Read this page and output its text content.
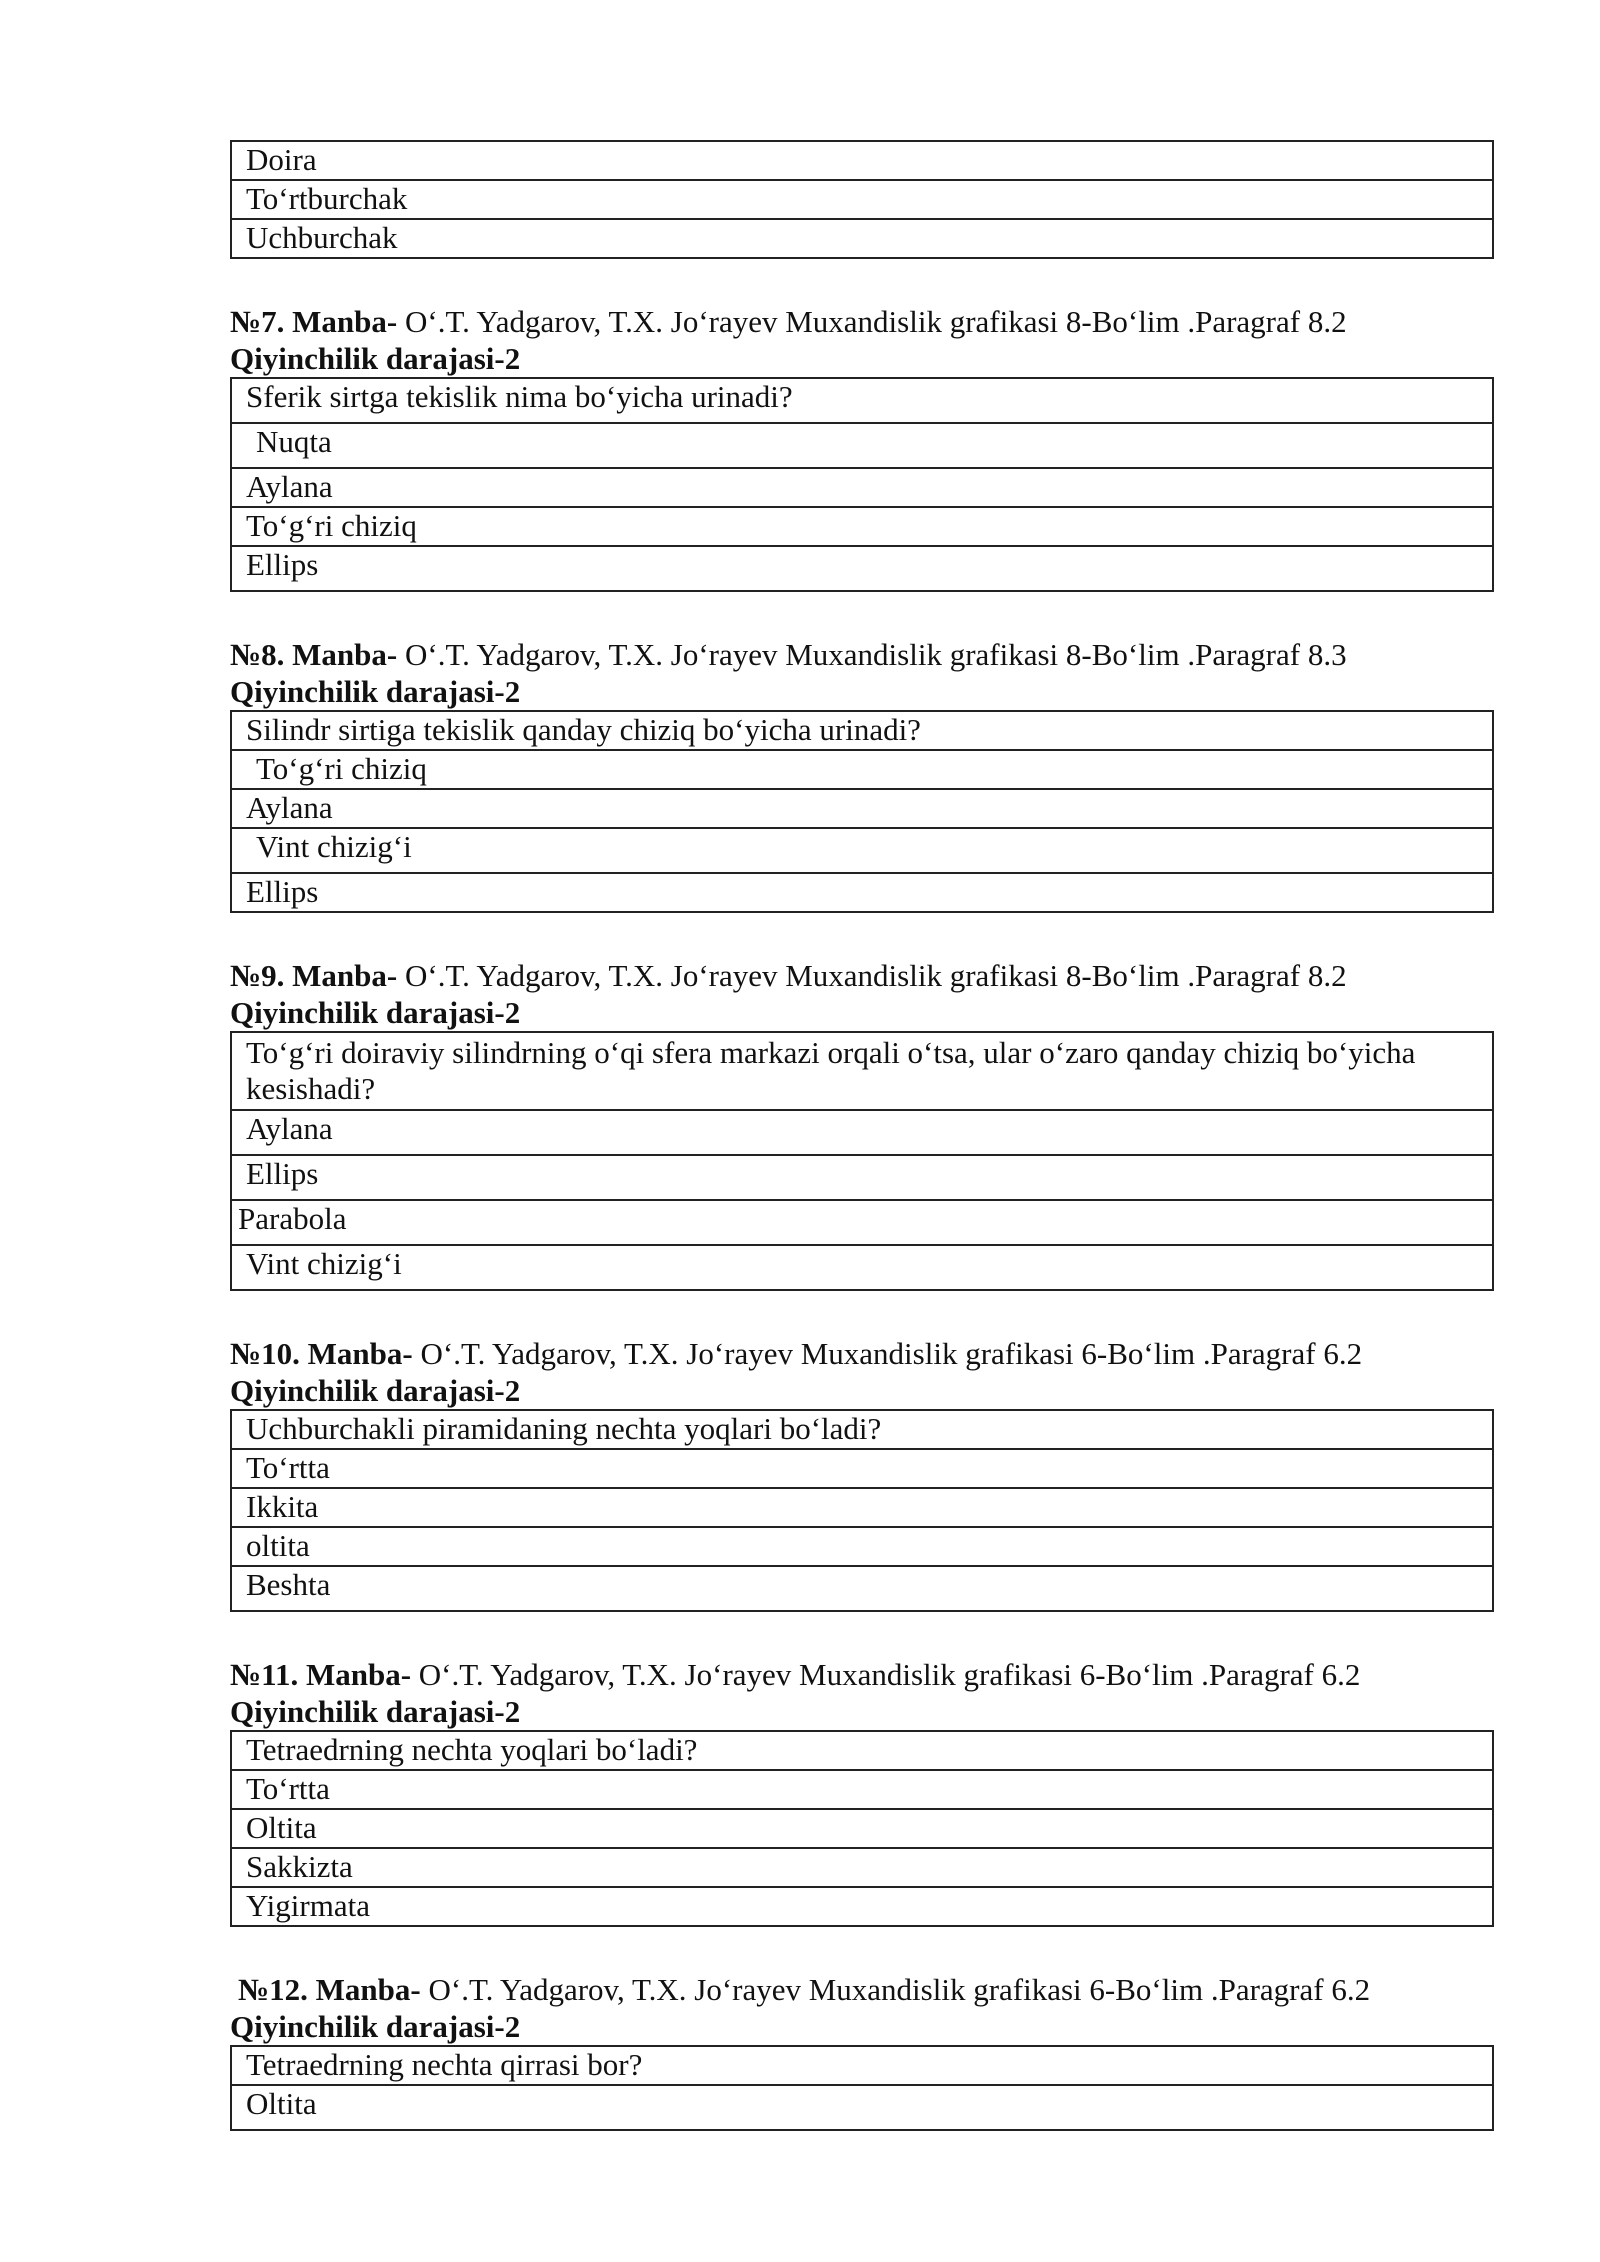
Doira
To‘rtburchak
Uchburchak

№7. Manba- O‘.T. Yadgarov, T.X. Jo‘rayev Muxandislik grafikasi 8-Bo‘lim .Paragraf 8.2

Qiyinchilik darajasi-2

Sferik sirtga tekislik nima bo‘yicha urinadi?
Nuqta
Aylana
To‘g‘ri chiziq
Ellips

№8. Manba- O‘.T. Yadgarov, T.X. Jo‘rayev Muxandislik grafikasi 8-Bo‘lim .Paragraf 8.3

Qiyinchilik darajasi-2

Silindr sirtiga tekislik qanday chiziq bo‘yicha urinadi?
To‘g‘ri chiziq
Aylana
Vint chizig‘i
Ellips

№9. Manba- O‘.T. Yadgarov, T.X. Jo‘rayev Muxandislik grafikasi 8-Bo‘lim .Paragraf 8.2

Qiyinchilik darajasi-2

To‘g‘ri doiraviy silindrning o‘qi sfera markazi orqali o‘tsa, ular o‘zaro qanday chiziq bo‘yicha kesishadi?
Aylana
Ellips
Parabola
Vint chizig‘i

№10. Manba- O‘.T. Yadgarov, T.X. Jo‘rayev Muxandislik grafikasi 6-Bo‘lim .Paragraf 6.2

Qiyinchilik darajasi-2

Uchburchakli piramidaning nechta yoqlari bo‘ladi?
To‘rtta
Ikkita
oltita
Beshta

№11. Manba- O‘.T. Yadgarov, T.X. Jo‘rayev Muxandislik grafikasi 6-Bo‘lim .Paragraf 6.2

Qiyinchilik darajasi-2

Tetraedrning nechta yoqlari bo‘ladi?
To‘rtta
Oltita
Sakkizta
Yigirmata

№12. Manba- O‘.T. Yadgarov, T.X. Jo‘rayev Muxandislik grafikasi 6-Bo‘lim .Paragraf 6.2

Qiyinchilik darajasi-2

Tetraedrning nechta qirrasi bor?
Oltita
